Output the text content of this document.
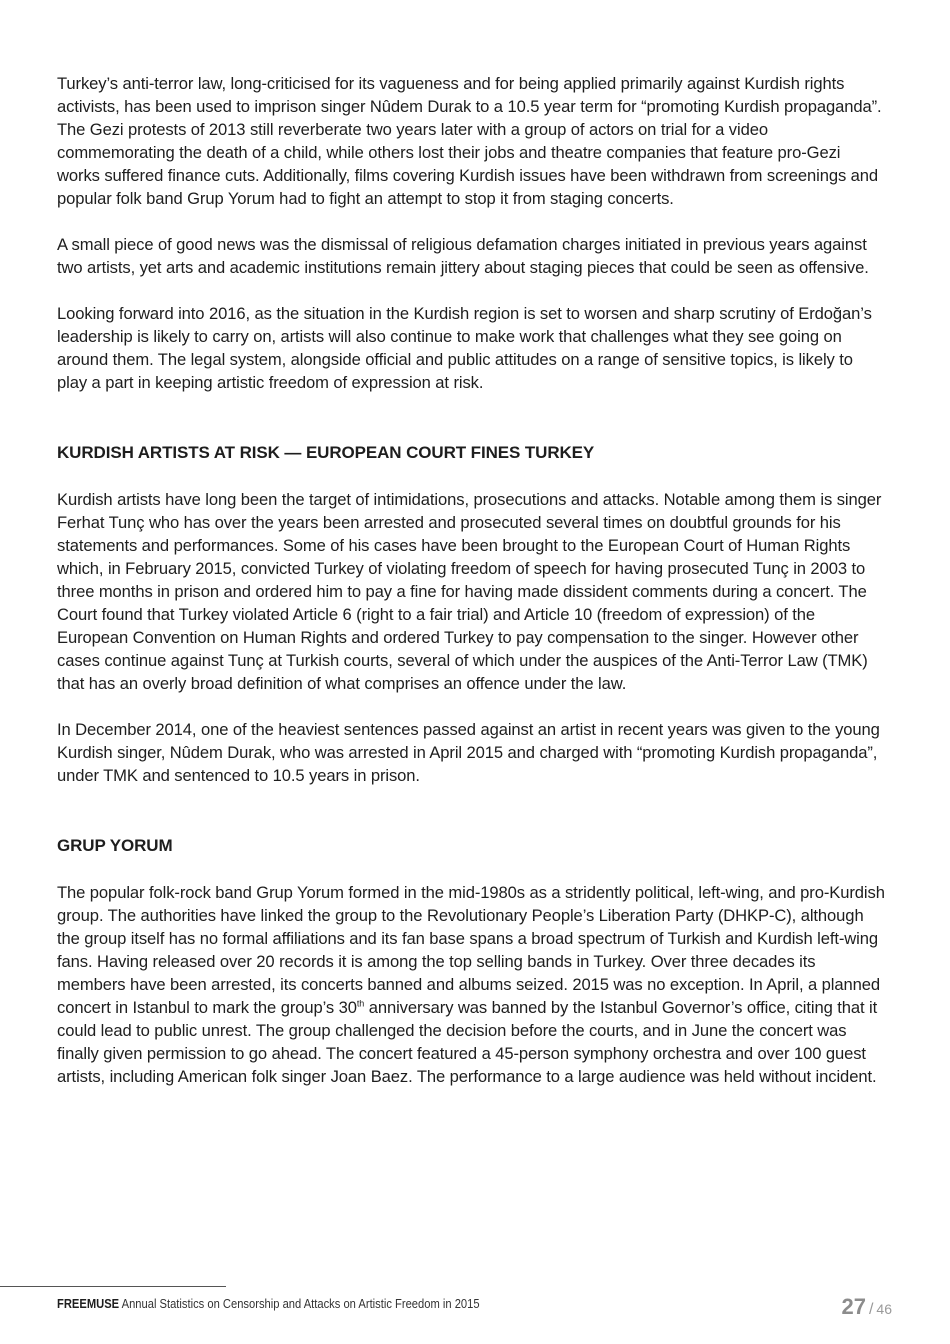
Turkey’s anti-terror law, long-criticised for its vagueness and for being applied primarily against Kurdish rights activists, has been used to imprison singer Nûdem Durak to a 10.5 year term for “promoting Kurdish propaganda”. The Gezi protests of 2013 still reverberate two years later with a group of actors on trial for a video commemorating the death of a child, while others lost their jobs and theatre companies that feature pro-Gezi works suffered finance cuts. Additionally, films covering Kurdish issues have been withdrawn from screenings and popular folk band Grup Yorum had to fight an attempt to stop it from staging concerts.

A small piece of good news was the dismissal of religious defamation charges initiated in previous years against two artists, yet arts and academic institutions remain jittery about staging pieces that could be seen as offensive.

Looking forward into 2016, as the situation in the Kurdish region is set to worsen and sharp scrutiny of Erdoğan’s leadership is likely to carry on, artists will also continue to make work that challenges what they see going on around them. The legal system, alongside official and public attitudes on a range of sensitive topics, is likely to play a part in keeping artistic freedom of expression at risk.

KURDISH ARTISTS AT RISK — EUROPEAN COURT FINES TURKEY

Kurdish artists have long been the target of intimidations, prosecutions and attacks. Notable among them is singer Ferhat Tunç who has over the years been arrested and prosecuted several times on doubtful grounds for his statements and performances. Some of his cases have been brought to the European Court of Human Rights which, in February 2015, convicted Turkey of violating freedom of speech for having prosecuted Tunç in 2003 to three months in prison and ordered him to pay a fine for having made dissident comments during a concert. The Court found that Turkey violated Article 6 (right to a fair trial) and Article 10 (freedom of expression) of the European Convention on Human Rights and ordered Turkey to pay compensation to the singer. However other cases continue against Tunç at Turkish courts, several of which under the auspices of the Anti-Terror Law (TMK) that has an overly broad definition of what comprises an offence under the law.

In December 2014, one of the heaviest sentences passed against an artist in recent years was given to the young Kurdish singer, Nûdem Durak, who was arrested in April 2015 and charged with “promoting Kurdish propaganda”, under TMK and sentenced to 10.5 years in prison.

GRUP YORUM

The popular folk-rock band Grup Yorum formed in the mid-1980s as a stridently political, left-wing, and pro-Kurdish group. The authorities have linked the group to the Revolutionary People’s Liberation Party (DHKP-C), although the group itself has no formal affiliations and its fan base spans a broad spectrum of Turkish and Kurdish left-wing fans. Having released over 20 records it is among the top selling bands in Turkey. Over three decades its members have been arrested, its concerts banned and albums seized. 2015 was no exception. In April, a planned concert in Istanbul to mark the group’s 30th anniversary was banned by the Istanbul Governor’s office, citing that it could lead to public unrest. The group challenged the decision before the courts, and in June the concert was finally given permission to go ahead. The concert featured a 45-person symphony orchestra and over 100 guest artists, including American folk singer Joan Baez. The performance to a large audience was held without incident.

FREEMUSE Annual Statistics on Censorship and Attacks on Artistic Freedom in 2015	27 / 46
